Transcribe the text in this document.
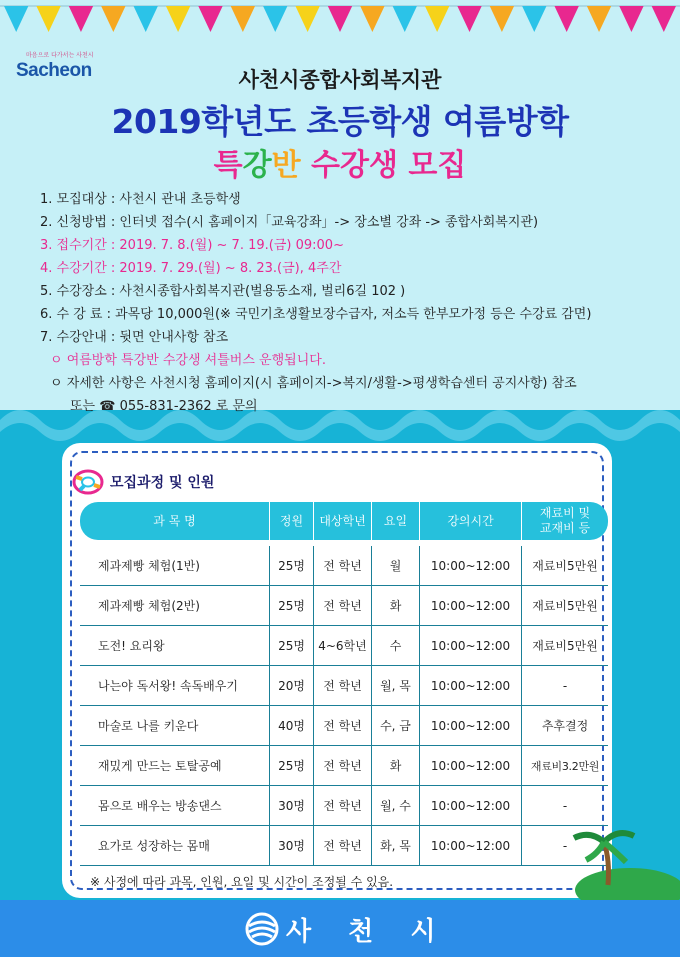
마음으로 다가서는 사천시
Sacheon	사천시종합사회복지관
2019학년도 초등학생 여름방학
특강반 수강생 모집
1. 모집대상 : 사천시 관내 초등학생
2. 신청방법 : 인터넷 접수(시 홈페이지「교육강좌」-> 장소별 강좌 -> 종합사회복지관)
3. 접수기간 : 2019. 7. 8.(월) ~ 7. 19.(금) 09:00~
4. 수강기간 : 2019. 7. 29.(월) ~ 8. 23.(금), 4주간
5. 수강장소 : 사천시종합사회복지관(벌용동소재, 벌리6길 102 )
6. 수 강 료 : 과목당 10,000원(※ 국민기초생활보장수급자, 저소득 한부모가정 등은 수강료 감면)
7. 수강안내 : 뒷면 안내사항 참조
ㅇ 여름방학 특강반 수강생 셔틀버스 운행됩니다.
ㅇ 자세한 사항은 사천시청 홈페이지(시 홈페이지->복지/생활->평생학습센터 공지사항) 참조
또는 ☎ 055-831-2362 로 문의
모집과정 및 인원
과 목 명	정원	대상학년	요일	강의시간	재료비 및
교재비 등

제과제빵 체험(1반)	25명	전 학년	월	10:00~12:00	재료비5만원
제과제빵 체험(2반)	25명	전 학년	화	10:00~12:00	재료비5만원
도전! 요리왕	25명	4~6학년	수	10:00~12:00	재료비5만원
나는야 독서왕! 속독배우기	20명	전 학년	월, 목	10:00~12:00	-
마술로 나를 키운다	40명	전 학년	수, 금	10:00~12:00	추후결정
재밌게 만드는 토탈공예	25명	전 학년	화	10:00~12:00	재료비3.2만원
몸으로 배우는 방송댄스	30명	전 학년	월, 수	10:00~12:00	-
요가로 성장하는 몸매	30명	전 학년	화, 목	10:00~12:00	-
※ 사정에 따라 과목, 인원, 요일 및 시간이 조정될 수 있음.
사 천 시
